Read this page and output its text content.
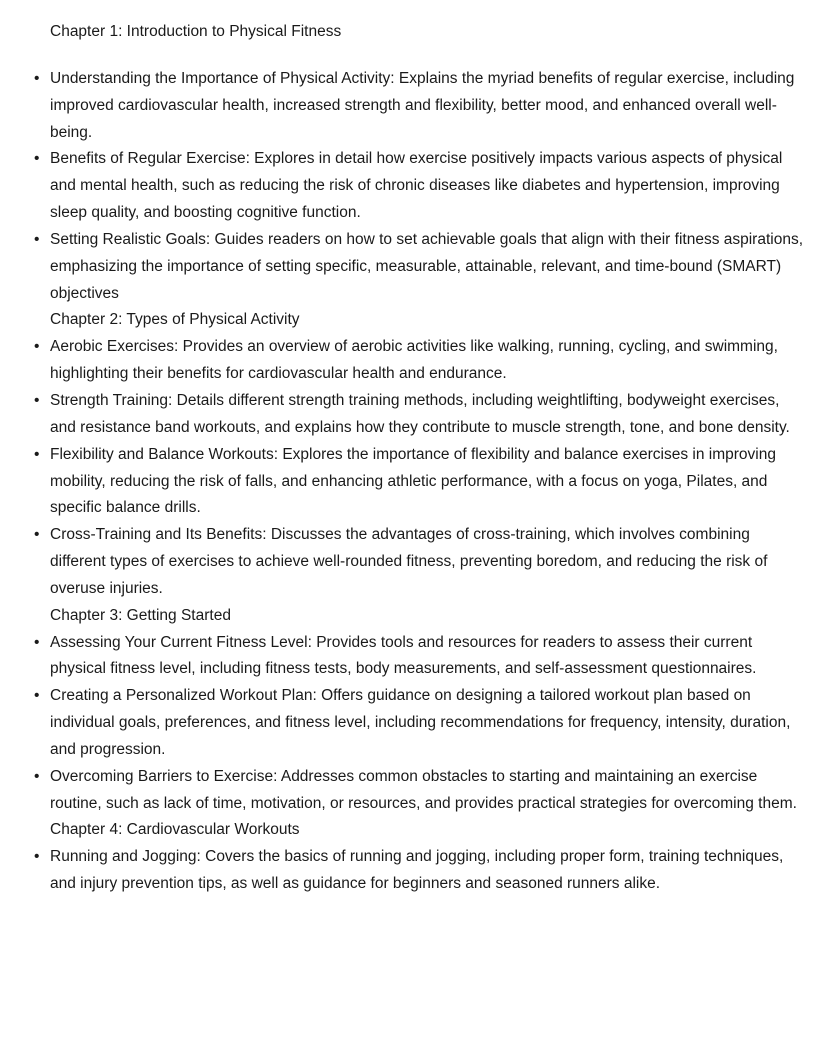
Chapter 1: Introduction to Physical Fitness

• Understanding the Importance of Physical Activity: Explains the myriad benefits of regular exercise, including improved cardiovascular health, increased strength and flexibility, better mood, and enhanced overall well-being.
• Benefits of Regular Exercise: Explores in detail how exercise positively impacts various aspects of physical and mental health, such as reducing the risk of chronic diseases like diabetes and hypertension, improving sleep quality, and boosting cognitive function.
• Setting Realistic Goals: Guides readers on how to set achievable goals that align with their fitness aspirations, emphasizing the importance of setting specific, measurable, attainable, relevant, and time-bound (SMART) objectives

Chapter 2: Types of Physical Activity

• Aerobic Exercises: Provides an overview of aerobic activities like walking, running, cycling, and swimming, highlighting their benefits for cardiovascular health and endurance.
• Strength Training: Details different strength training methods, including weightlifting, bodyweight exercises, and resistance band workouts, and explains how they contribute to muscle strength, tone, and bone density.
• Flexibility and Balance Workouts: Explores the importance of flexibility and balance exercises in improving mobility, reducing the risk of falls, and enhancing athletic performance, with a focus on yoga, Pilates, and specific balance drills.
• Cross-Training and Its Benefits: Discusses the advantages of cross-training, which involves combining different types of exercises to achieve well-rounded fitness, preventing boredom, and reducing the risk of overuse injuries.

Chapter 3: Getting Started

• Assessing Your Current Fitness Level: Provides tools and resources for readers to assess their current physical fitness level, including fitness tests, body measurements, and self-assessment questionnaires.
• Creating a Personalized Workout Plan: Offers guidance on designing a tailored workout plan based on individual goals, preferences, and fitness level, including recommendations for frequency, intensity, duration, and progression.
• Overcoming Barriers to Exercise: Addresses common obstacles to starting and maintaining an exercise routine, such as lack of time, motivation, or resources, and provides practical strategies for overcoming them.

Chapter 4: Cardiovascular Workouts

• Running and Jogging: Covers the basics of running and jogging, including proper form, training techniques, and injury prevention tips, as well as guidance for beginners and seasoned runners alike.
